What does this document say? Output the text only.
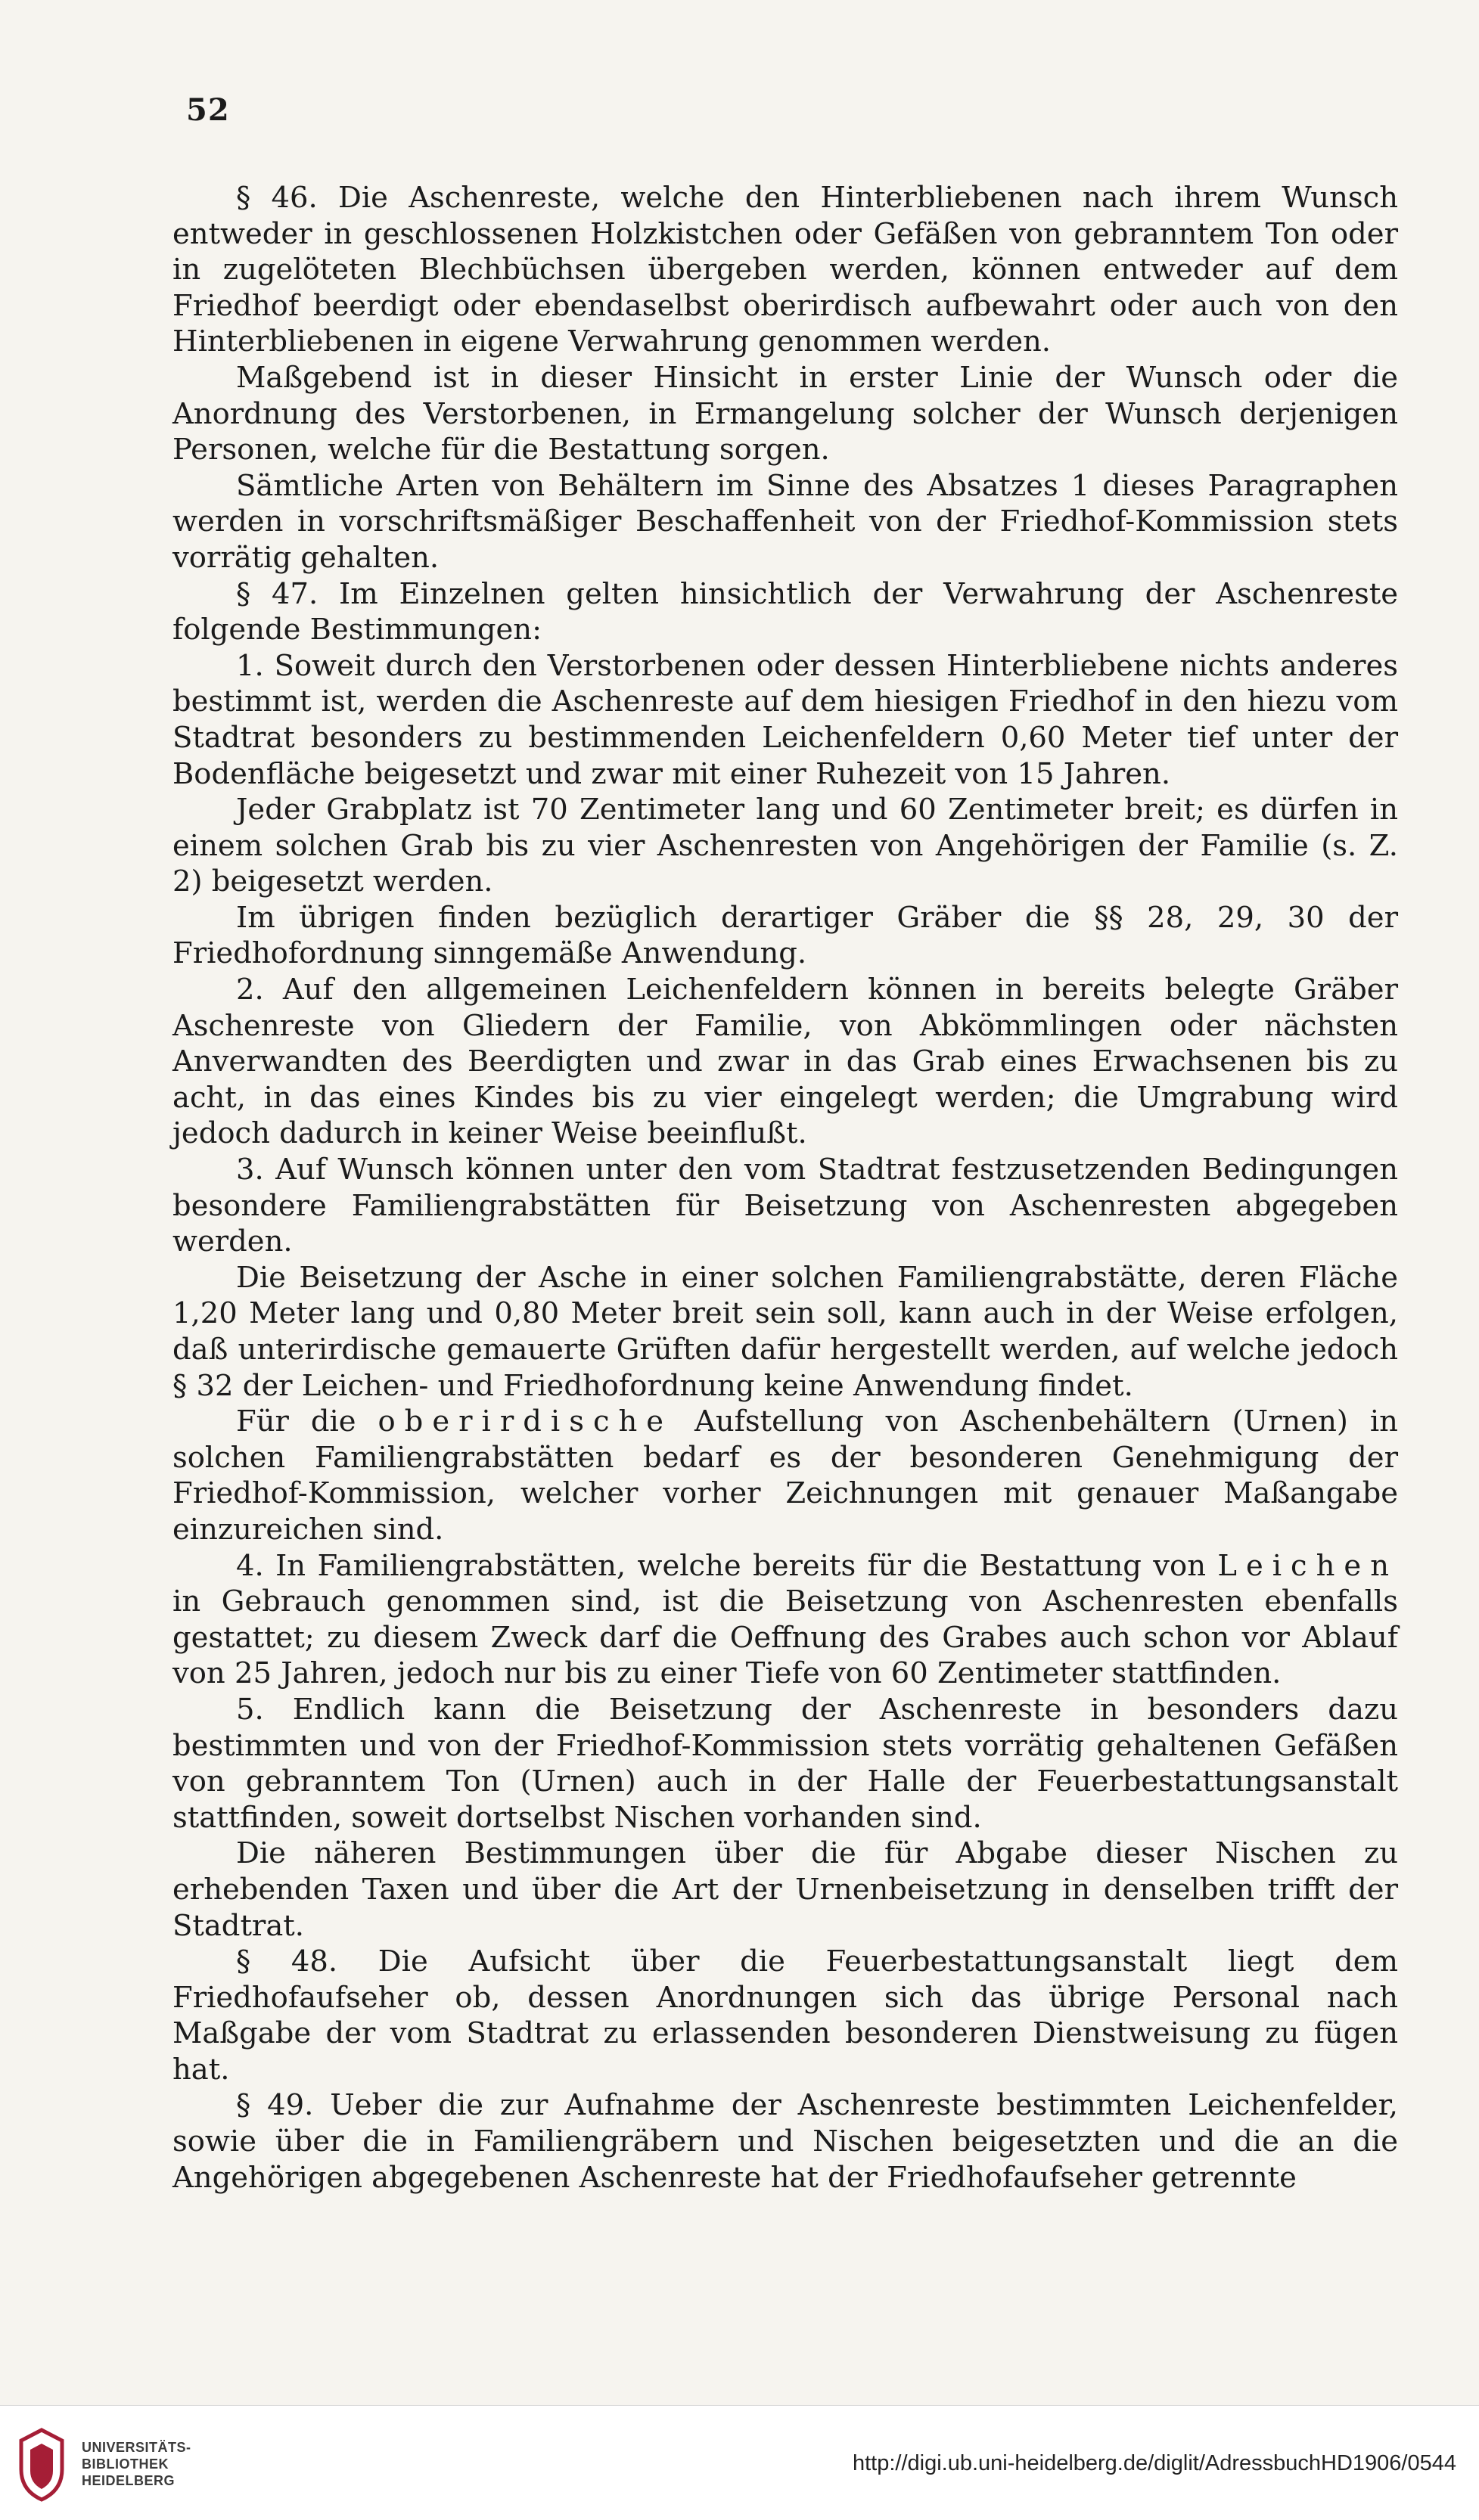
52

§ 46. Die Aschenreste, welche den Hinterbliebenen nach ihrem Wunsch entweder in geschlossenen Holzkistchen oder Gefäßen von gebranntem Ton oder in zugelöteten Blechbüchsen übergeben werden, können entweder auf dem Friedhof beerdigt oder ebendaselbst oberirdisch aufbewahrt oder auch von den Hinterbliebenen in eigene Verwahrung genommen werden.

Maßgebend ist in dieser Hinsicht in erster Linie der Wunsch oder die Anordnung des Verstorbenen, in Ermangelung solcher der Wunsch derjenigen Personen, welche für die Bestattung sorgen.

Sämtliche Arten von Behältern im Sinne des Absatzes 1 dieses Paragraphen werden in vorschriftsmäßiger Beschaffenheit von der Friedhof-Kommission stets vorrätig gehalten.

§ 47. Im Einzelnen gelten hinsichtlich der Verwahrung der Aschenreste folgende Bestimmungen:

1. Soweit durch den Verstorbenen oder dessen Hinterbliebene nichts anderes bestimmt ist, werden die Aschenreste auf dem hiesigen Friedhof in den hiezu vom Stadtrat besonders zu bestimmenden Leichenfeldern 0,60 Meter tief unter der Bodenfläche beigesetzt und zwar mit einer Ruhezeit von 15 Jahren.

Jeder Grabplatz ist 70 Zentimeter lang und 60 Zentimeter breit; es dürfen in einem solchen Grab bis zu vier Aschenresten von Angehörigen der Familie (s. Z. 2) beigesetzt werden.

Im übrigen finden bezüglich derartiger Gräber die §§ 28, 29, 30 der Friedhofordnung sinngemäße Anwendung.

2. Auf den allgemeinen Leichenfeldern können in bereits belegte Gräber Aschenreste von Gliedern der Familie, von Abkömmlingen oder nächsten Anverwandten des Beerdigten und zwar in das Grab eines Erwachsenen bis zu acht, in das eines Kindes bis zu vier eingelegt werden; die Umgrabung wird jedoch dadurch in keiner Weise beeinflußt.

3. Auf Wunsch können unter den vom Stadtrat festzusetzenden Bedingungen besondere Familiengrabstätten für Beisetzung von Aschenresten abgegeben werden.

Die Beisetzung der Asche in einer solchen Familiengrabstätte, deren Fläche 1,20 Meter lang und 0,80 Meter breit sein soll, kann auch in der Weise erfolgen, daß unterirdische gemauerte Grüften dafür hergestellt werden, auf welche jedoch § 32 der Leichen- und Friedhofordnung keine Anwendung findet.

Für die oberirdische Aufstellung von Aschenbehältern (Urnen) in solchen Familiengrabstätten bedarf es der besonderen Genehmigung der Friedhof-Kommission, welcher vorher Zeichnungen mit genauer Maßangabe einzureichen sind.

4. In Familiengrabstätten, welche bereits für die Bestattung von Leichen in Gebrauch genommen sind, ist die Beisetzung von Aschenresten ebenfalls gestattet; zu diesem Zweck darf die Oeffnung des Grabes auch schon vor Ablauf von 25 Jahren, jedoch nur bis zu einer Tiefe von 60 Zentimeter stattfinden.

5. Endlich kann die Beisetzung der Aschenreste in besonders dazu bestimmten und von der Friedhof-Kommission stets vorrätig gehaltenen Gefäßen von gebranntem Ton (Urnen) auch in der Halle der Feuerbestattungsanstalt stattfinden, soweit dortselbst Nischen vorhanden sind.

Die näheren Bestimmungen über die für Abgabe dieser Nischen zu erhebenden Taxen und über die Art der Urnenbeisetzung in denselben trifft der Stadtrat.

§ 48. Die Aufsicht über die Feuerbestattungsanstalt liegt dem Friedhofaufseher ob, dessen Anordnungen sich das übrige Personal nach Maßgabe der vom Stadtrat zu erlassenden besonderen Dienstweisung zu fügen hat.

§ 49. Ueber die zur Aufnahme der Aschenreste bestimmten Leichenfelder, sowie über die in Familiengräbern und Nischen beigesetzten und die an die Angehörigen abgegebenen Aschenreste hat der Friedhofaufseher getrennte

UNIVERSITÄTS-
BIBLIOTHEK
HEIDELBERG
http://digi.ub.uni-heidelberg.de/diglit/AdressbuchHD1906/0544
